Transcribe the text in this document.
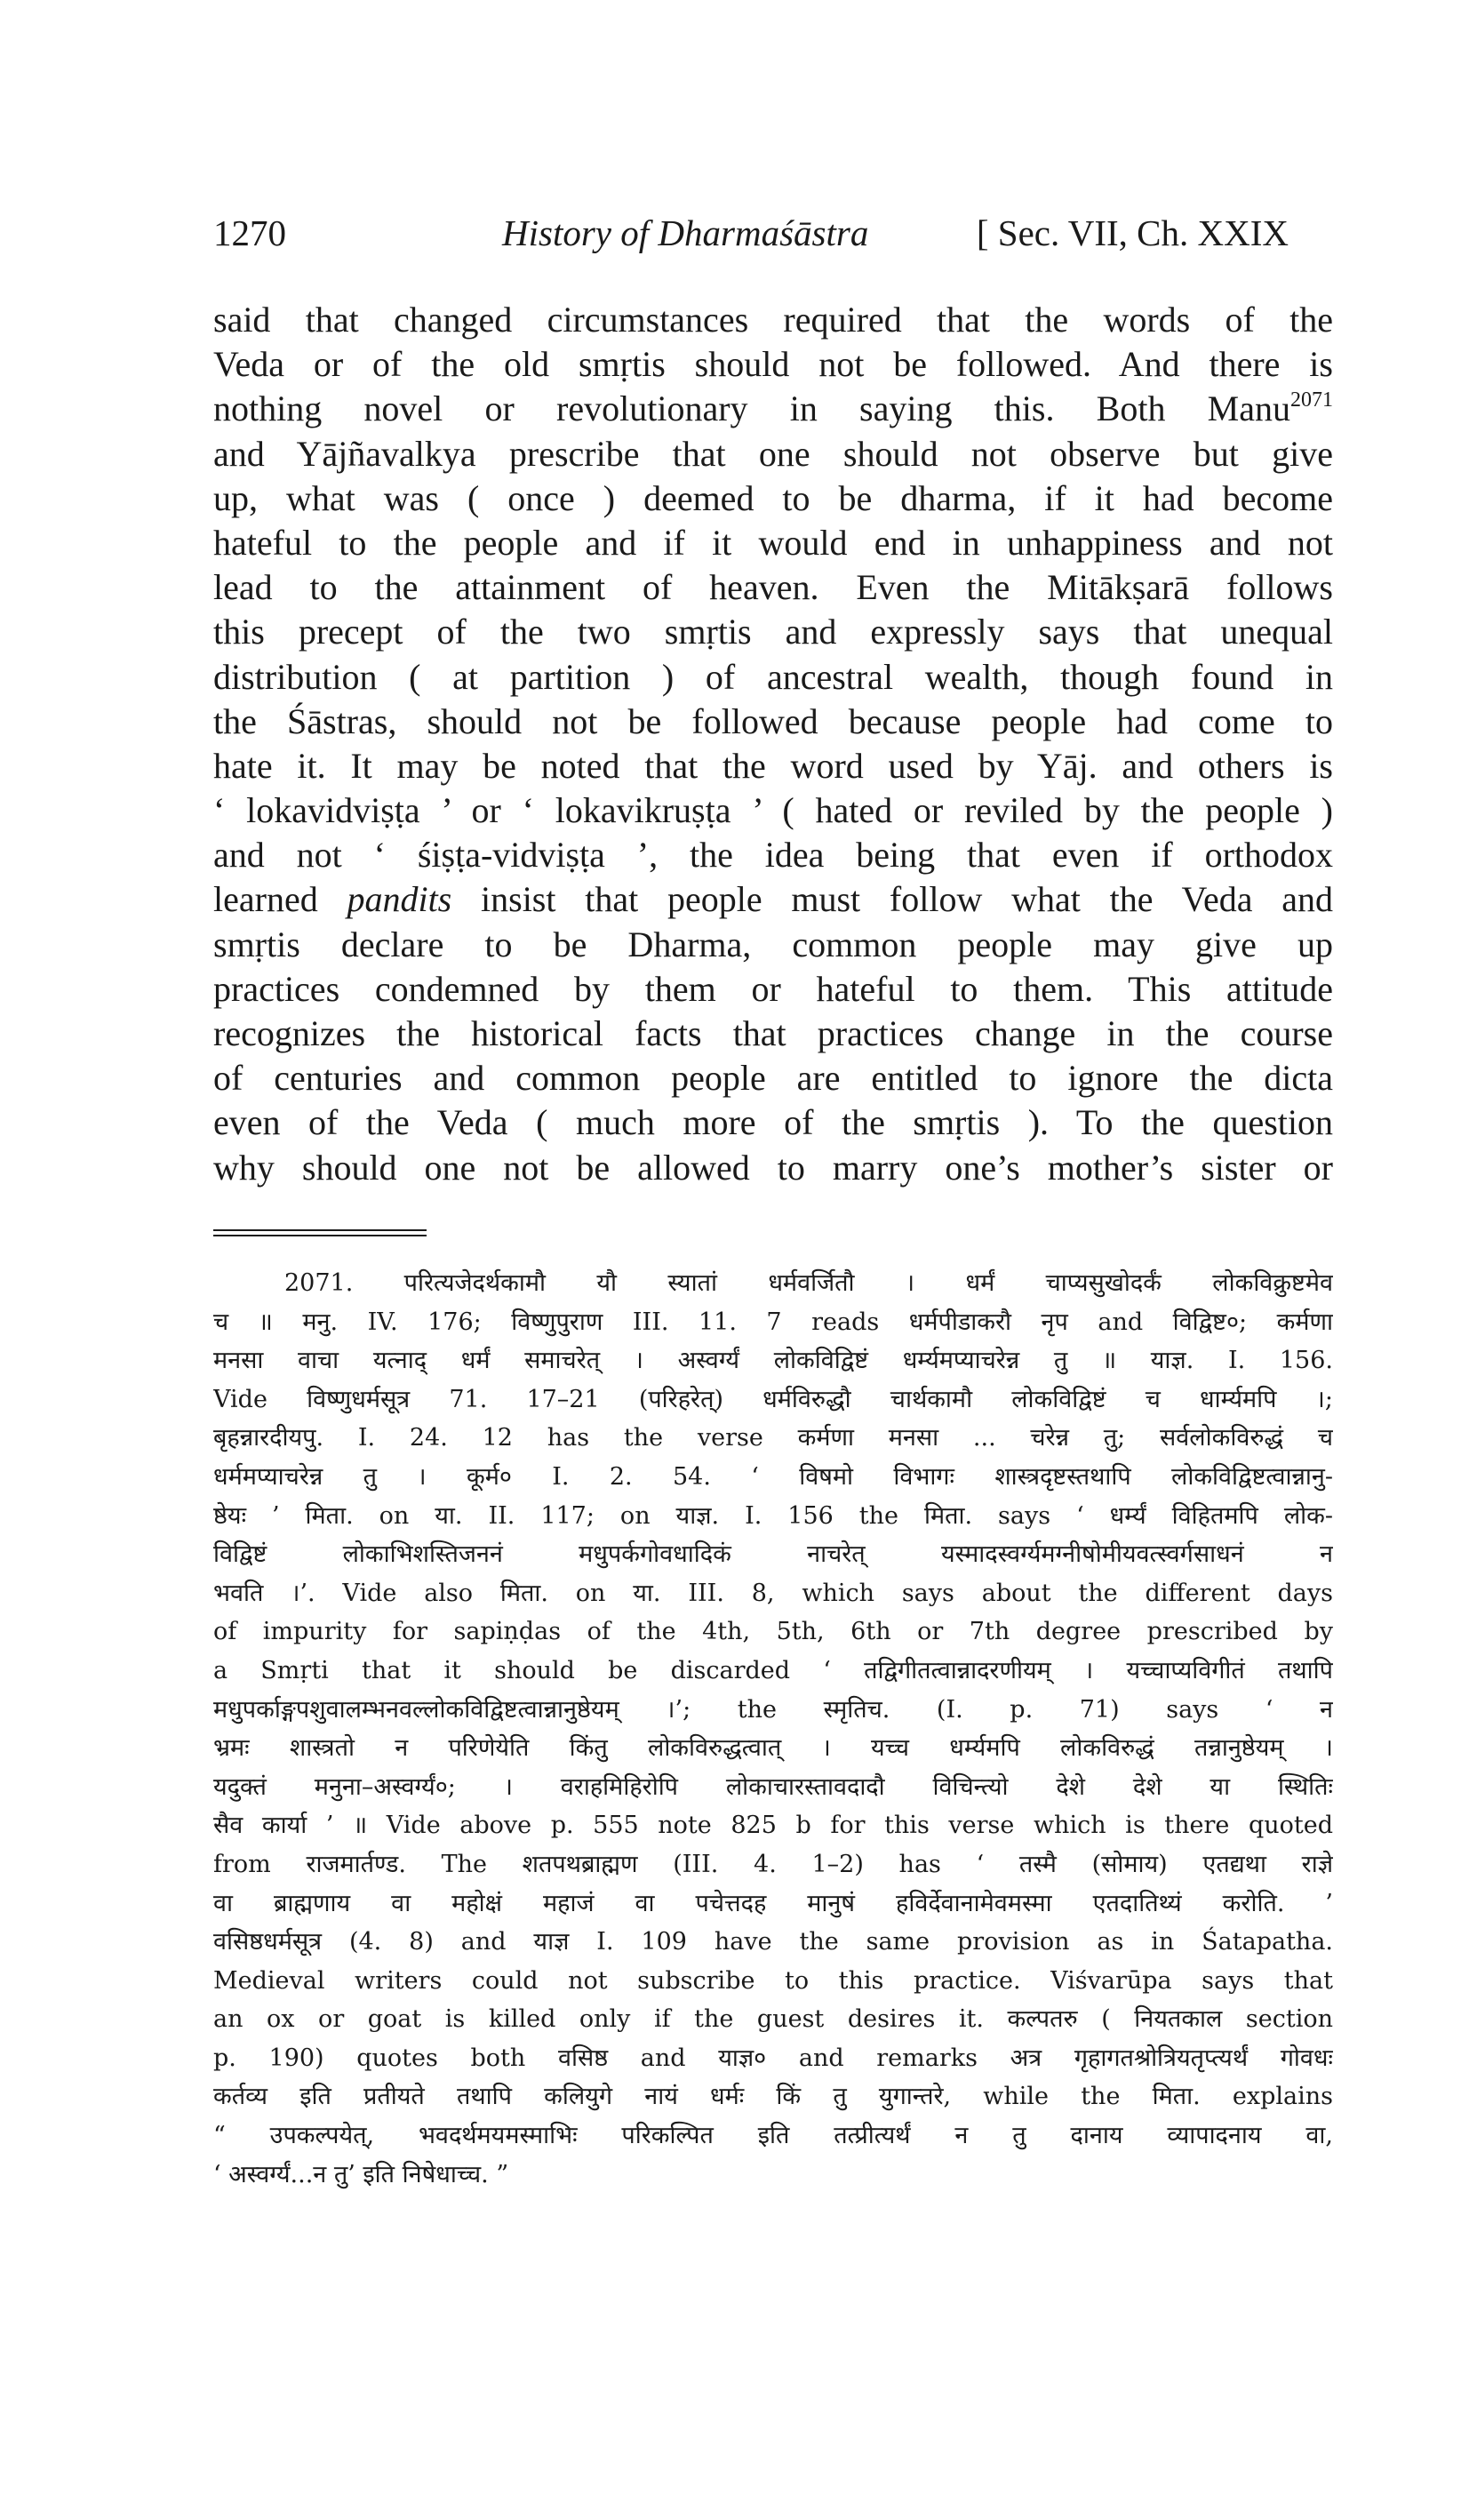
1270	History of Dharmaśāstra	[ Sec. VII, Ch. XXIX
said that changed circumstances required that the words of the
Veda or of the old smṛtis should not be followed. And there is
nothing novel or revolutionary in saying this. Both Manu$^{2071}$
and Yājñavalkya prescribe that one should not observe but give
up, what was ( once ) deemed to be dharma, if it had become
hateful to the people and if it would end in unhappiness and not
lead to the attainment of heaven. Even the Mitākṣarā follows
this precept of the two smṛtis and expressly says that unequal
distribution ( at partition ) of ancestral wealth, though found in
the Śāstras, should not be followed because people had come to
hate it. It may be noted that the word used by Yāj. and others is
‘ lokavidviṣṭa ’ or ‘ lokavikruṣṭa ’ ( hated or reviled by the people )
and not ‘ śiṣṭa-vidviṣṭa ’, the idea being that even if orthodox
learned pandits insist that people must follow what the Veda and
smṛtis declare to be Dharma, common people may give up
practices condemned by them or hateful to them. This attitude
recognizes the historical facts that practices change in the course
of centuries and common people are entitled to ignore the dicta
even of the Veda ( much more of the smṛtis ). To the question
why should one not be allowed to marry one’s mother’s sister or
2071. परित्यजेदर्थकामौ यौ स्यातां धर्मवर्जितौ । धर्मं चाप्यसुखोदर्कं लोकविक्रुष्टमेव
च ॥ मनु. IV. 176; विष्णुपुराण III. 11. 7 reads धर्मपीडाकरौ नृप and विद्विष्ट०; कर्मणा
मनसा वाचा यत्नाद् धर्मं समाचरेत् । अस्वर्ग्यं लोकविद्विष्टं धर्म्यमप्याचरेन्न तु ॥ याज्ञ. I. 156.
Vide विष्णुधर्मसूत्र 71. 17–21 (परिहरेत्) धर्मविरुद्धौ चार्थकामौ लोकविद्विष्टं च धार्म्यमपि ।;
बृहन्नारदीयपु. I. 24. 12 has the verse कर्मणा मनसा ... चरेन्न तु; सर्वलोकविरुद्धं च
धर्ममप्याचरेन्न तु । कूर्म० I. 2. 54. ‘ विषमो विभागः शास्त्रदृष्टस्तथापि लोकविद्विष्टत्वान्नानु-
ष्ठेयः ’ मिता. on या. II. 117; on याज्ञ. I. 156 the मिता. says ‘ धर्म्यं विहितमपि लोक-
विद्विष्टं लोकाभिशस्तिजननं मधुपर्कगोवधादिकं नाचरेत् यस्मादस्वर्ग्यमग्नीषोमीयवत्स्वर्गसाधनं न
भवति ।’. Vide also मिता. on या. III. 8, which says about the different days
of impurity for sapiṇḍas of the 4th, 5th, 6th or 7th degree prescribed by
a Smṛti that it should be discarded ‘ तद्विगीतत्वान्नादरणीयम् । यच्चाप्यविगीतं तथापि
मधुपर्काङ्गपशुवालम्भनवल्लोकविद्विष्टत्वान्नानुष्ठेयम् ।’; the स्मृतिच. (I. p. 71) says ‘ न
भ्रमः शास्त्रतो न परिणेयेति किंतु लोकविरुद्धत्वात् । यच्च धर्म्यमपि लोकविरुद्धं तन्नानुष्ठेयम् ।
यदुक्तं मनुना–अस्वर्ग्यं०; । वराहमिहिरोपि लोकाचारस्तावदादौ विचिन्त्यो देशे देशे या स्थितिः
सैव कार्या ’ ॥ Vide above p. 555 note 825 b for this verse which is there quoted
from राजमार्तण्ड. The शतपथब्राह्मण (III. 4. 1–2) has ‘ तस्मै (सोमाय) एतद्यथा राज्ञे
वा ब्राह्मणाय वा महोक्षं महाजं वा पचेत्तदह मानुषं हविर्देवानामेवमस्मा एतदातिथ्यं करोति. ’
वसिष्ठधर्मसूत्र (4. 8) and याज्ञ I. 109 have the same provision as in Śatapatha.
Medieval writers could not subscribe to this practice. Viśvarūpa says that
an ox or goat is killed only if the guest desires it. कल्पतरु ( नियतकाल section
p. 190) quotes both वसिष्ठ and याज्ञ० and remarks अत्र गृहागतश्रोत्रियतृप्त्यर्थं गोवधः
कर्तव्य इति प्रतीयते तथापि कलियुगे नायं धर्मः किं तु युगान्तरे, while the मिता. explains
“ उपकल्पयेत्, भवदर्थमयमस्माभिः परिकल्पित इति तत्प्रीत्यर्थं न तु दानाय व्यापादनाय वा,
‘ अस्वर्ग्यं...न तु’ इति निषेधाच्च. ”
